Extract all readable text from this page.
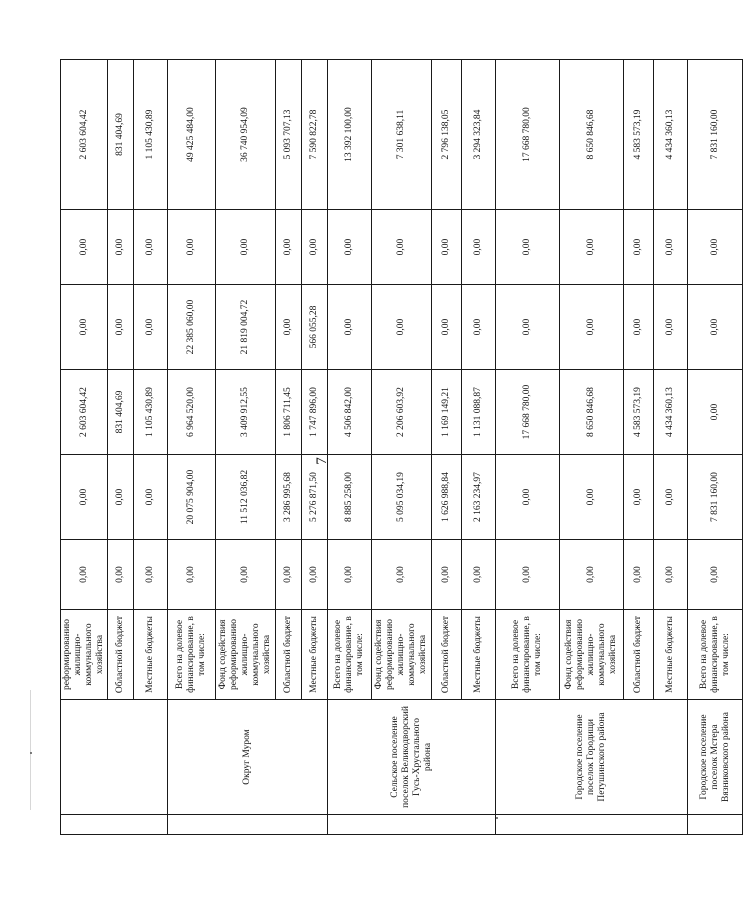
7
		реформированию жилищно-коммунального хозяйства	0,00	0,00	2 603 604,42	0,00	0,00	2 603 604,42
		Областной бюджет	0,00	0,00	831 404,69	0,00	0,00	831 404,69
		Местные бюджеты	0,00	0,00	1 105 430,89	0,00	0,00	1 105 430,89
	Округ Муром	Всего на долевое финансирование, в том числе:	0,00	20 075 904,00	6 964 520,00	22 385 060,00	0,00	49 425 484,00
		Фонд содействия реформированию жилищно-коммунального хозяйства	0,00	11 512 036,82	3 409 912,55	21 819 004,72	0,00	36 740 954,09
		Областной бюджет	0,00	3 286 995,68	1 806 711,45	0,00	0,00	5 093 707,13
		Местные бюджеты	0,00	5 276 871,50	1 747 896,00	566 055,28	0,00	7 590 822,78
	Сельское поселение поселок Великодворский Гусь-Хрустального района	Всего на долевое финансирование, в том числе:	0,00	8 885 258,00	4 506 842,00	0,00	0,00	13 392 100,00
		Фонд содействия реформированию жилищно-коммунального хозяйства	0,00	5 095 034,19	2 206 603,92	0,00	0,00	7 301 638,11
		Областной бюджет	0,00	1 626 988,84	1 169 149,21	0,00	0,00	2 796 138,05
		Местные бюджеты	0,00	2 163 234,97	1 131 088,87	0,00	0,00	3 294 323,84
	Городское поселение поселок Городищи Петушинского района	Всего на долевое финансирование, в том числе:	0,00	0,00	17 668 780,00	0,00	0,00	17 668 780,00
		Фонд содействия реформированию жилищно-коммунального хозяйства	0,00	0,00	8 650 846,68	0,00	0,00	8 650 846,68
		Областной бюджет	0,00	0,00	4 583 573,19	0,00	0,00	4 583 573,19
		Местные бюджеты	0,00	0,00	4 434 360,13	0,00	0,00	4 434 360,13
	Городское поселение поселок Мстера Вязниковского района	Всего на долевое финансирование, в том числе:	0,00	7 831 160,00	0,00	0,00	0,00	7 831 160,00
